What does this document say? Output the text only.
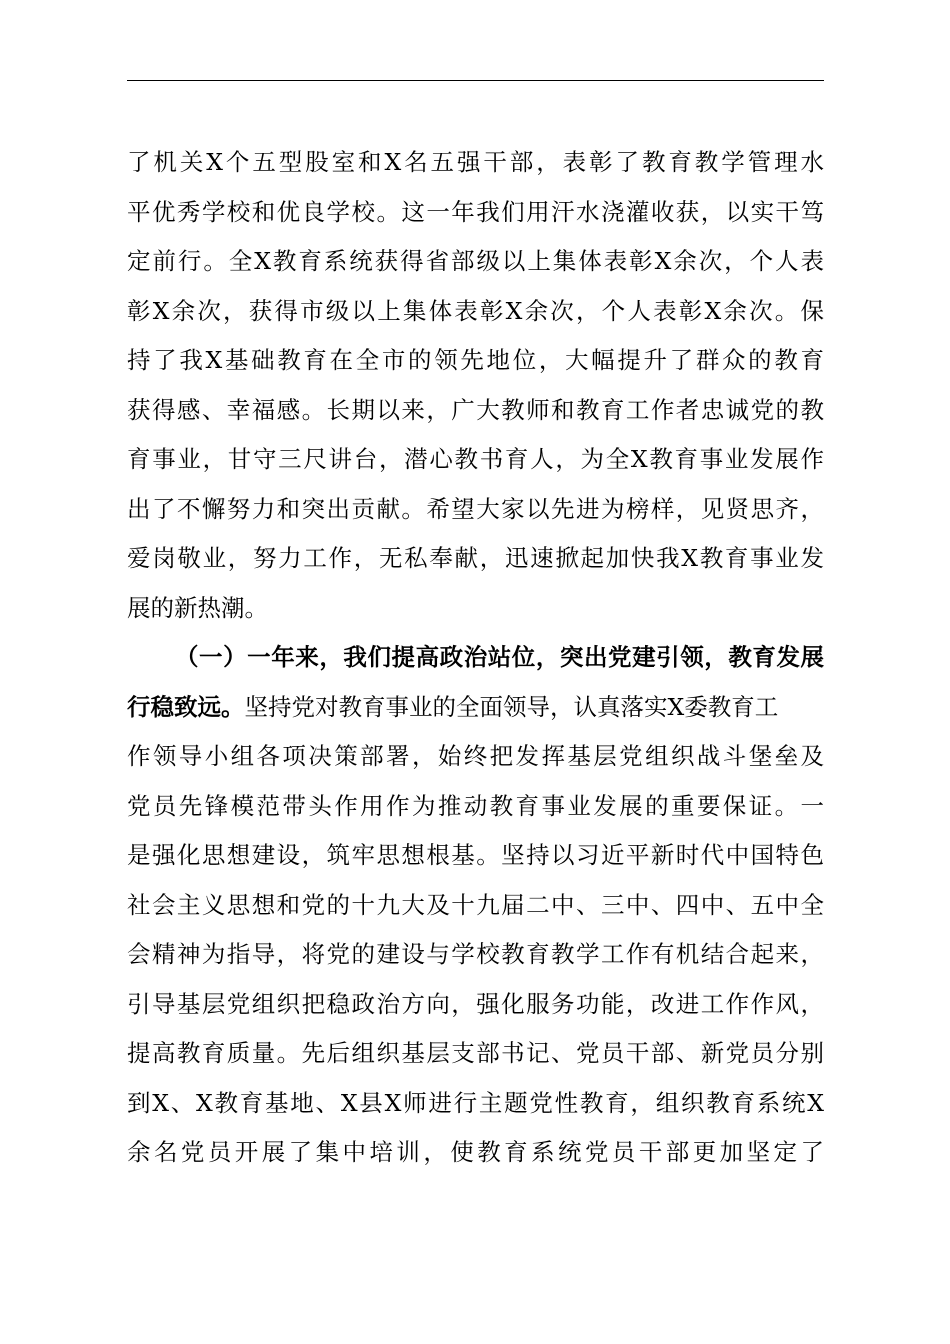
了机关X个五型股室和X名五强干部，表彰了教育教学管理水
平优秀学校和优良学校。这一年我们用汗水浇灌收获，以实干笃
定前行。全X教育系统获得省部级以上集体表彰X余次，个人表
彰X余次，获得市级以上集体表彰X余次，个人表彰X余次。保
持了我X基础教育在全市的领先地位，大幅提升了群众的教育
获得感、幸福感。长期以来，广大教师和教育工作者忠诚党的教
育事业，甘守三尺讲台，潜心教书育人，为全X教育事业发展作
出了不懈努力和突出贡献。希望大家以先进为榜样，见贤思齐，
爱岗敬业，努力工作，无私奉献，迅速掀起加快我X教育事业发
展的新热潮。
（一）一年来，我们提高政治站位，突出党建引领，教育发展
行稳致远。坚持党对教育事业的全面领导，认真落实X委教育工
作领导小组各项决策部署，始终把发挥基层党组织战斗堡垒及
党员先锋模范带头作用作为推动教育事业发展的重要保证。一
是强化思想建设，筑牢思想根基。坚持以习近平新时代中国特色
社会主义思想和党的十九大及十九届二中、三中、四中、五中全
会精神为指导，将党的建设与学校教育教学工作有机结合起来，
引导基层党组织把稳政治方向，强化服务功能，改进工作作风，
提高教育质量。先后组织基层支部书记、党员干部、新党员分别
到X、X教育基地、X县X师进行主题党性教育，组织教育系统X
余名党员开展了集中培训，使教育系统党员干部更加坚定了
